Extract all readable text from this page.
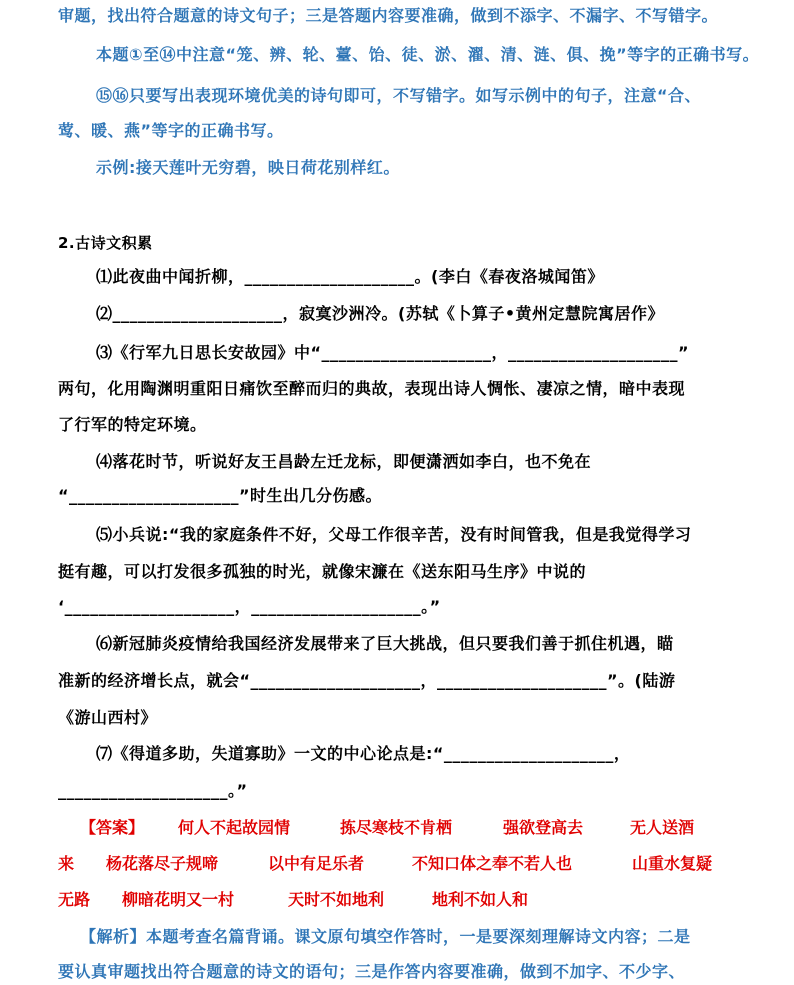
审题，找出符合题意的诗文句子；三是答题内容要准确，做到不添字、不漏字、不写错字。
本题①至⑭中注意“笼、辨、轮、薹、饴、徒、淤、濯、清、涟、俱、挽”等字的正确书写。
⑮⑯只要写出表现环境优美的诗句即可，不写错字。如写示例中的句子，注意“合、
莺、暖、燕”等字的正确书写。
示例:接天莲叶无穷碧，映日荷花别样红。
2.古诗文积累
⑴此夜曲中闻折柳，____________________。(李白《春夜洛城闻笛》
⑵____________________，寂寞沙洲冷。(苏轼《卜算子•黄州定慧院寓居作》
⑶《行军九日思长安故园》中“____________________，____________________”
两句，化用陶渊明重阳日痛饮至醉而归的典故，表现出诗人惆怅、凄凉之情，暗中表现
了行军的特定环境。
⑷落花时节，听说好友王昌龄左迁龙标，即便潇洒如李白，也不免在
“____________________”时生出几分伤感。
⑸小兵说:“我的家庭条件不好，父母工作很辛苦，没有时间管我，但是我觉得学习
挺有趣，可以打发很多孤独的时光，就像宋濂在《送东阳马生序》中说的
‘____________________，____________________。”
⑹新冠肺炎疫情给我国经济发展带来了巨大挑战，但只要我们善于抓住机遇，瞄
准新的经济增长点，就会“____________________，____________________”。(陆游
《游山西村》
⑺《得道多助，失道寡助》一文的中心论点是:“____________________，
____________________。”
【答案】 何人不起故园情	拣尽寒枝不肯栖	强欲登高去	无人送酒
来 杨花落尽子规啼	以中有足乐者	不知口体之奉不若人也	山重水复疑
无路 柳暗花明又一村	天时不如地利	地利不如人和
【解析】本题考查名篇背诵。课文原句填空作答时，一是要深刻理解诗文内容；二是
要认真审题找出符合题意的诗文的语句；三是作答内容要准确，做到不加字、不少字、
